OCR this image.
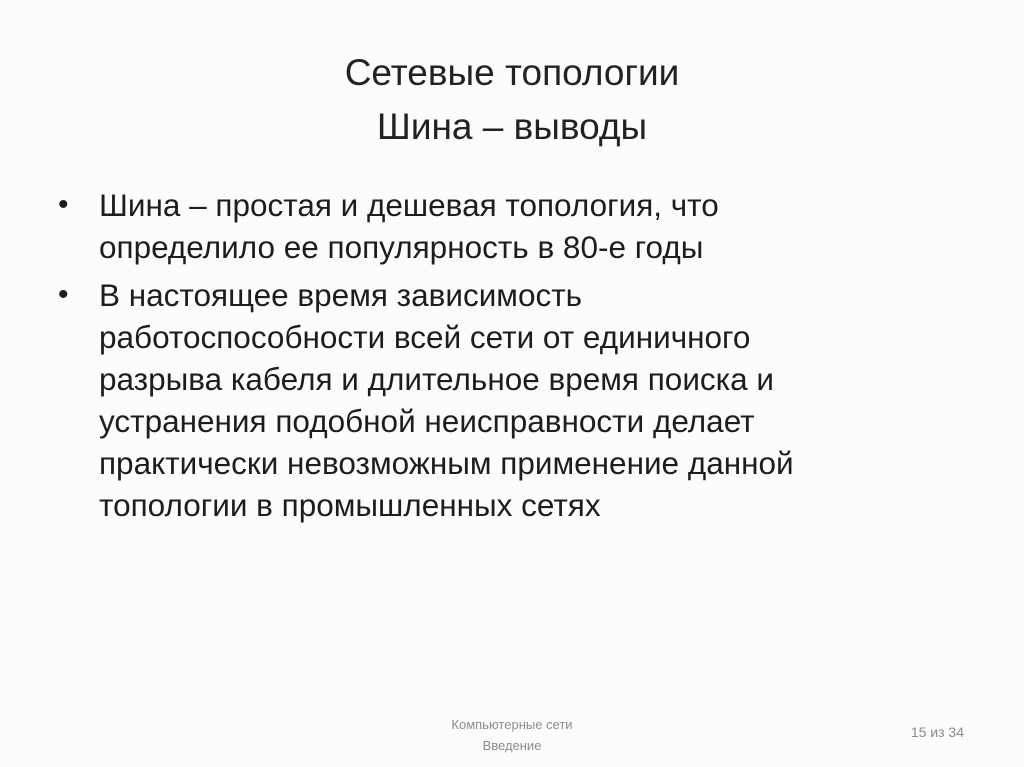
Сетевые топологии
Шина – выводы
• Шина – простая и дешевая топология, что
определило ее популярность в 80-е годы
• В настоящее время зависимость
работоспособности всей сети от единичного
разрыва кабеля и длительное время поиска и
устранения подобной неисправности делает
практически невозможным применение данной
топологии в промышленных сетях
Компьютерные сети
Введение
15 из 34
